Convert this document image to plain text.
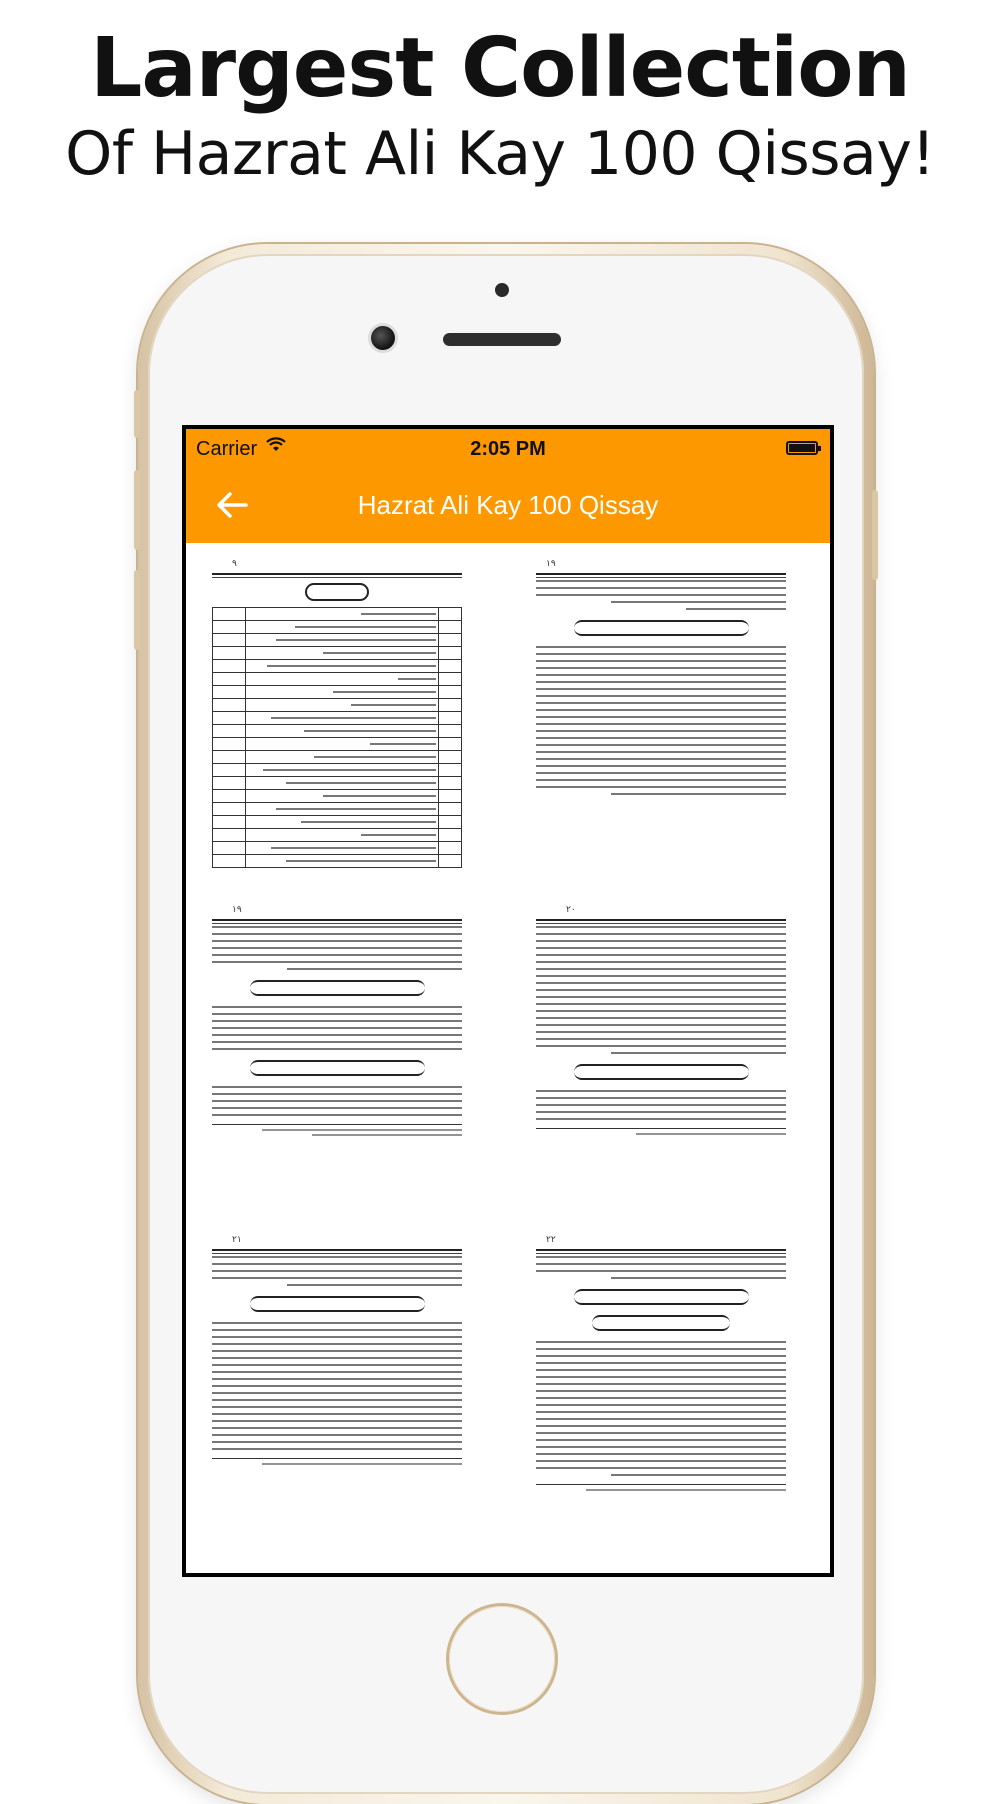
Largest Collection
Of Hazrat Ali Kay 100 Qissay!
Carrier	2:05 PM
Hazrat Ali Kay 100 Qissay
٩

		١٩
١٩	٢٠
٢١	٢٢
